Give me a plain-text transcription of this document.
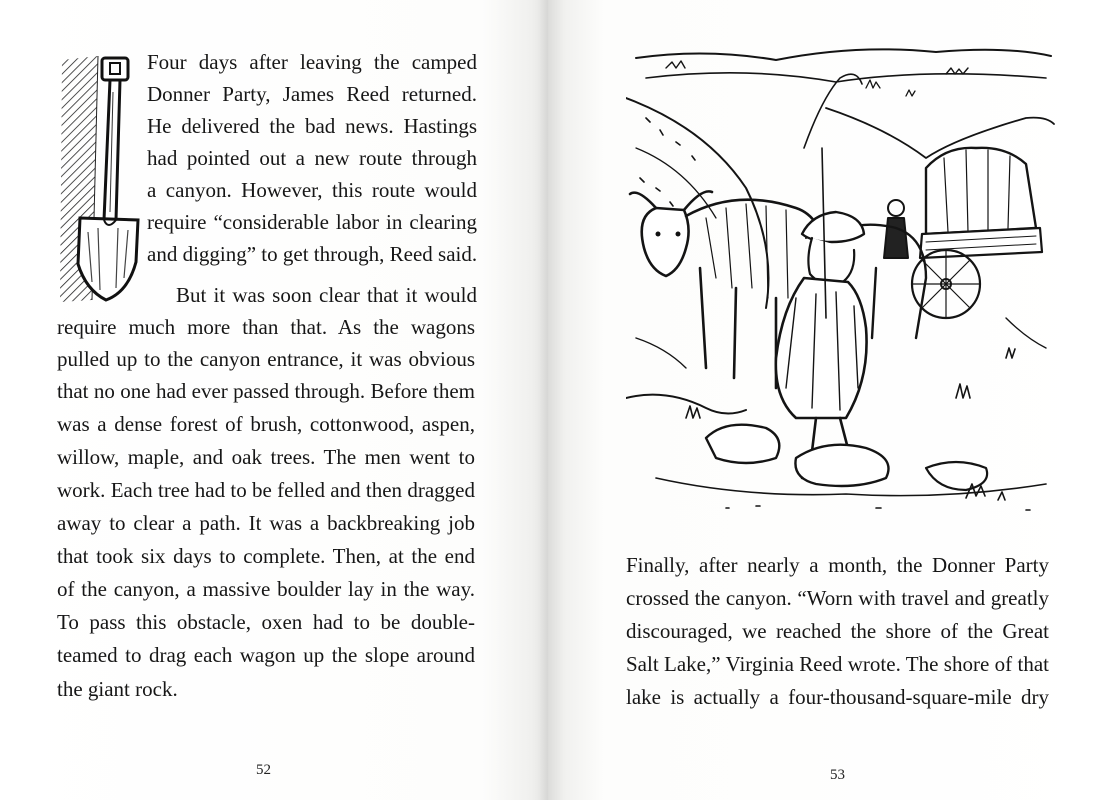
Four days after leaving the camped
Donner Party, James Reed returned.
He delivered the bad news. Hastings
had pointed out a new route through
a canyon. However, this route would
require “considerable labor in clearing
and digging” to get through, Reed said.
But it was soon clear that it would
require much more than that. As the wagons
pulled up to the canyon entrance, it was obvious
that no one had ever passed through. Before them
was a dense forest of brush, cottonwood, aspen,
willow, maple, and oak trees. The men went to
work. Each tree had to be felled and then dragged
away to clear a path. It was a backbreaking job
that took six days to complete. Then, at the end
of the canyon, a massive boulder lay in the way.
To pass this obstacle, oxen had to be double-
teamed to drag each wagon up the slope around
the giant rock.
52
Finally, after nearly a month, the Donner Party
crossed the canyon. “Worn with travel and greatly
discouraged, we reached the shore of the Great
Salt Lake,” Virginia Reed wrote. The shore of that
lake is actually a four-thousand-square-mile dry
53
